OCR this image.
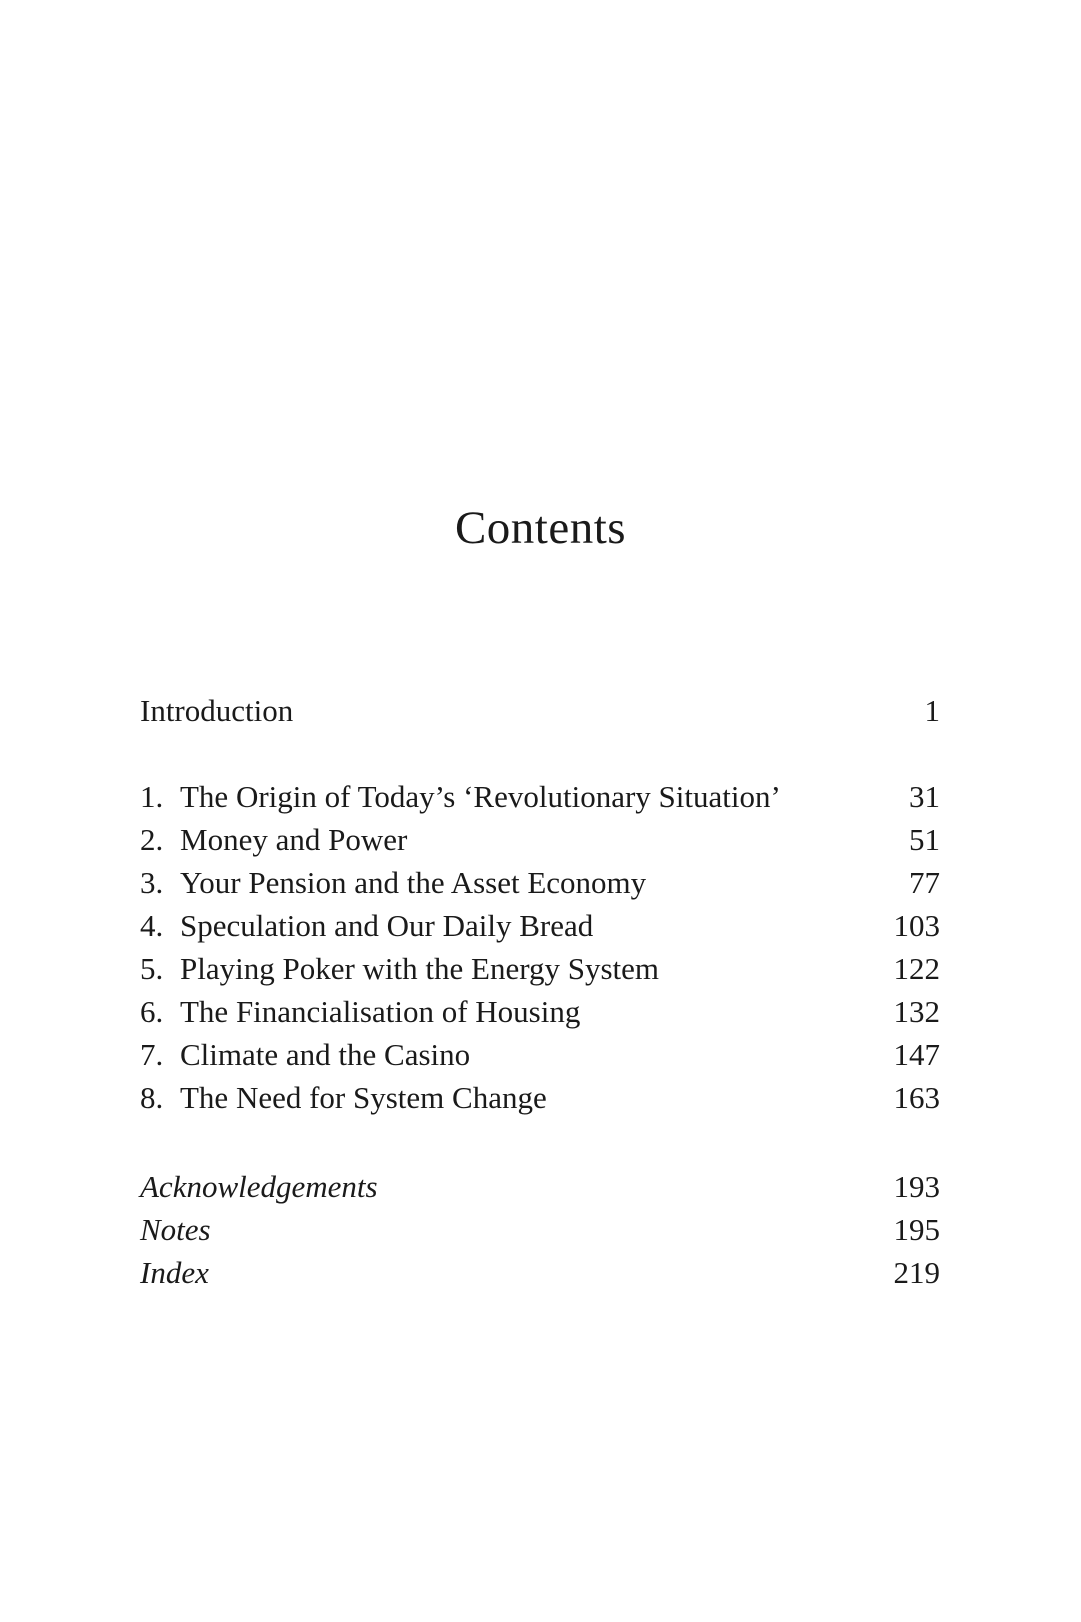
Contents
Introduction	1
1. The Origin of Today’s ‘Revolutionary Situation’	31
2. Money and Power	51
3. Your Pension and the Asset Economy	77
4. Speculation and Our Daily Bread	103
5. Playing Poker with the Energy System	122
6. The Financialisation of Housing	132
7. Climate and the Casino	147
8. The Need for System Change	163
Acknowledgements	193
Notes	195
Index	219
